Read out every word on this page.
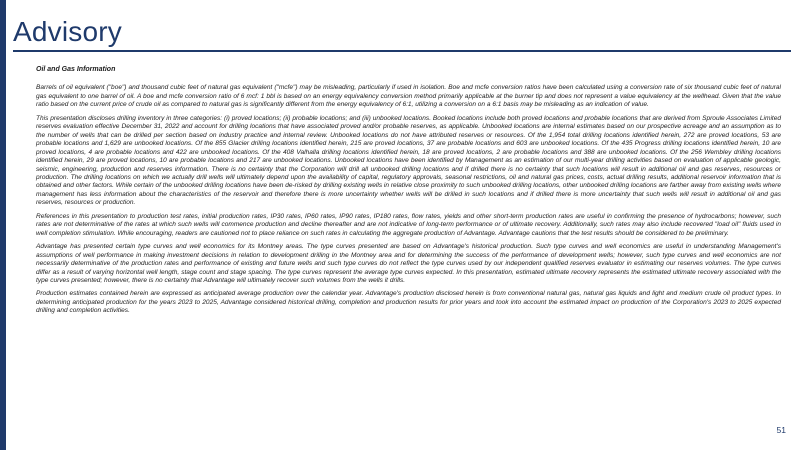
Advisory

Oil and Gas Information

Barrels of oil equivalent ("boe") and thousand cubic feet of natural gas equivalent ("mcfe") may be misleading, particularly if used in isolation. Boe and mcfe conversion ratios have been calculated using a conversion rate of six thousand cubic feet of natural gas equivalent to one barrel of oil. A boe and mcfe conversion ratio of 6 mcf: 1 bbl is based on an energy equivalency conversion method primarily applicable at the burner tip and does not represent a value equivalency at the wellhead. Given that the value ratio based on the current price of crude oil as compared to natural gas is significantly different from the energy equivalency of 6:1, utilizing a conversion on a 6:1 basis may be misleading as an indication of value.

This presentation discloses drilling inventory in three categories: (i) proved locations; (ii) probable locations; and (iii) unbooked locations. Booked locations include both proved locations and probable locations that are derived from Sproule Associates Limited reserves evaluation effective December 31, 2022 and account for drilling locations that have associated proved and/or probable reserves, as applicable. Unbooked locations are internal estimates based on our prospective acreage and an assumption as to the number of wells that can be drilled per section based on industry practice and internal review. Unbooked locations do not have attributed reserves or resources. Of the 1,954 total drilling locations identified herein, 272 are proved locations, 53 are probable locations and 1,629 are unbooked locations. Of the 855 Glacier drilling locations identified herein, 215 are proved locations, 37 are probable locations and 603 are unbooked locations. Of the 435 Progress drilling locations identified herein, 10 are proved locations, 4 are probable locations and 422 are unbooked locations. Of the 408 Valhalla drilling locations identified herein, 18 are proved locations, 2 are probable locations and 388 are unbooked locations. Of the 256 Wembley drilling locations identified herein, 29 are proved locations, 10 are probable locations and 217 are unbooked locations. Unbooked locations have been identified by Management as an estimation of our multi-year drilling activities based on evaluation of applicable geologic, seismic, engineering, production and reserves information. There is no certainty that the Corporation will drill all unbooked drilling locations and if drilled there is no certainty that such locations will result in additional oil and gas reserves, resources or production. The drilling locations on which we actually drill wells will ultimately depend upon the availability of capital, regulatory approvals, seasonal restrictions, oil and natural gas prices, costs, actual drilling results, additional reservoir information that is obtained and other factors. While certain of the unbooked drilling locations have been de-risked by drilling existing wells in relative close proximity to such unbooked drilling locations, other unbooked drilling locations are farther away from existing wells where management has less information about the characteristics of the reservoir and therefore there is more uncertainty whether wells will be drilled in such locations and if drilled there is more uncertainty that such wells will result in additional oil and gas reserves, resources or production.

References in this presentation to production test rates, initial production rates, IP30 rates, IP60 rates, IP90 rates, IP180 rates, flow rates, yields and other short-term production rates are useful in confirming the presence of hydrocarbons; however, such rates are not determinative of the rates at which such wells will commence production and decline thereafter and are not indicative of long-term performance or of ultimate recovery. Additionally, such rates may also include recovered "load oil" fluids used in well completion stimulation. While encouraging, readers are cautioned not to place reliance on such rates in calculating the aggregate production of Advantage. Advantage cautions that the test results should be considered to be preliminary.

Advantage has presented certain type curves and well economics for its Montney areas. The type curves presented are based on Advantage's historical production. Such type curves and well economics are useful in understanding Management's assumptions of well performance in making investment decisions in relation to development drilling in the Montney area and for determining the success of the performance of development wells; however, such type curves and well economics are not necessarily determinative of the production rates and performance of existing and future wells and such type curves do not reflect the type curves used by our independent qualified reserves evaluator in estimating our reserves volumes. The type curves differ as a result of varying horizontal well length, stage count and stage spacing. The type curves represent the average type curves expected. In this presentation, estimated ultimate recovery represents the estimated ultimate recovery associated with the type curves presented; however, there is no certainty that Advantage will ultimately recover such volumes from the wells it drills.

Production estimates contained herein are expressed as anticipated average production over the calendar year. Advantage's production disclosed herein is from conventional natural gas, natural gas liquids and light and medium crude oil product types. In determining anticipated production for the years 2023 to 2025, Advantage considered historical drilling, completion and production results for prior years and took into account the estimated impact on production of the Corporation's 2023 to 2025 expected drilling and completion activities.

51
